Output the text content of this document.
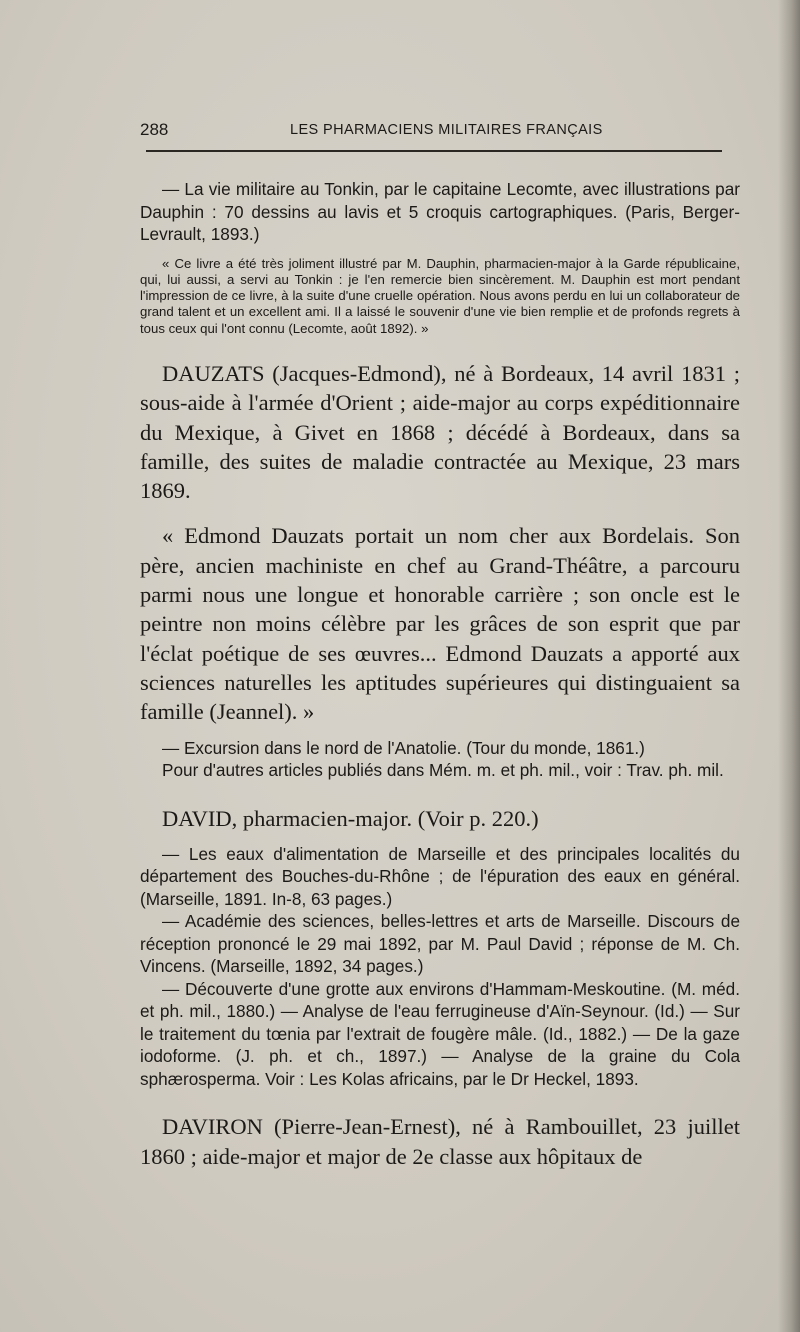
288	LES PHARMACIENS MILITAIRES FRANÇAIS

— La vie militaire au Tonkin, par le capitaine Lecomte, avec illustrations par Dauphin : 70 dessins au lavis et 5 croquis cartographiques. (Paris, Berger-Levrault, 1893.)

« Ce livre a été très joliment illustré par M. Dauphin, pharmacien-major à la Garde républicaine, qui, lui aussi, a servi au Tonkin : je l'en remercie bien sincèrement. M. Dauphin est mort pendant l'impression de ce livre, à la suite d'une cruelle opération. Nous avons perdu en lui un collaborateur de grand talent et un excellent ami. Il a laissé le souvenir d'une vie bien remplie et de profonds regrets à tous ceux qui l'ont connu (Lecomte, août 1892). »

DAUZATS (Jacques-Edmond), né à Bordeaux, 14 avril 1831 ; sous-aide à l'armée d'Orient ; aide-major au corps expéditionnaire du Mexique, à Givet en 1868 ; décédé à Bordeaux, dans sa famille, des suites de maladie contractée au Mexique, 23 mars 1869.

« Edmond Dauzats portait un nom cher aux Bordelais. Son père, ancien machiniste en chef au Grand-Théâtre, a parcouru parmi nous une longue et honorable carrière ; son oncle est le peintre non moins célèbre par les grâces de son esprit que par l'éclat poétique de ses œuvres... Edmond Dauzats a apporté aux sciences naturelles les aptitudes supérieures qui distinguaient sa famille (Jeannel). »

— Excursion dans le nord de l'Anatolie. (Tour du monde, 1861.)

Pour d'autres articles publiés dans Mém. m. et ph. mil., voir : Trav. ph. mil.

DAVID, pharmacien-major. (Voir p. 220.)

— Les eaux d'alimentation de Marseille et des principales localités du département des Bouches-du-Rhône ; de l'épuration des eaux en général. (Marseille, 1891. In-8, 63 pages.)

— Académie des sciences, belles-lettres et arts de Marseille. Discours de réception prononcé le 29 mai 1892, par M. Paul David ; réponse de M. Ch. Vincens. (Marseille, 1892, 34 pages.)

— Découverte d'une grotte aux environs d'Hammam-Meskoutine. (M. méd. et ph. mil., 1880.) — Analyse de l'eau ferrugineuse d'Aïn-Seynour. (Id.) — Sur le traitement du tœnia par l'extrait de fougère mâle. (Id., 1882.) — De la gaze iodoforme. (J. ph. et ch., 1897.) — Analyse de la graine du Cola sphærosperma. Voir : Les Kolas africains, par le Dr Heckel, 1893.

DAVIRON (Pierre-Jean-Ernest), né à Rambouillet, 23 juillet 1860 ; aide-major et major de 2e classe aux hôpitaux de
